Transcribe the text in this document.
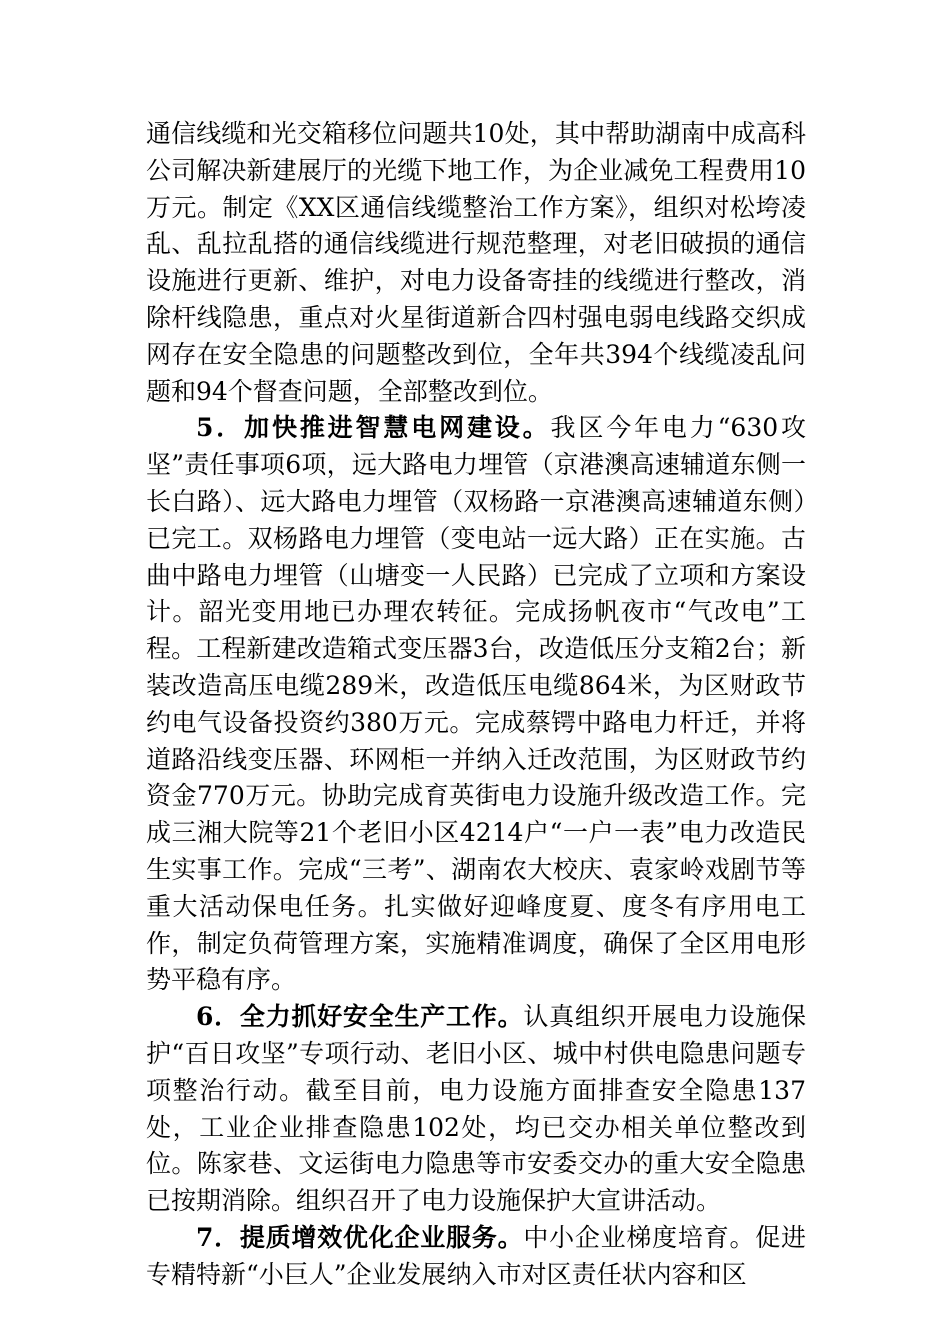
通信线缆和光交箱移位问题共10处，其中帮助湖南中成高科公司解决新建展厅的光缆下地工作，为企业减免工程费用10万元。制定《XX区通信线缆整治工作方案》，组织对松垮凌乱、乱拉乱搭的通信线缆进行规范整理，对老旧破损的通信设施进行更新、维护，对电力设备寄挂的线缆进行整改，消除杆线隐患，重点对火星街道新合四村强电弱电线路交织成网存在安全隐患的问题整改到位，全年共394个线缆凌乱问题和94个督查问题，全部整改到位。

5．加快推进智慧电网建设。我区今年电力“630攻坚”责任事项6项，远大路电力埋管（京港澳高速辅道东侧一长白路）、远大路电力埋管（双杨路一京港澳高速辅道东侧）已完工。双杨路电力埋管（变电站一远大路）正在实施。古曲中路电力埋管（山塘变一人民路）已完成了立项和方案设计。韶光变用地已办理农转征。完成扬帆夜市“气改电”工程。工程新建改造箱式变压器3台，改造低压分支箱2台；新装改造高压电缆289米，改造低压电缆864米，为区财政节约电气设备投资约380万元。完成蔡锷中路电力杆迁，并将道路沿线变压器、环网柜一并纳入迁改范围，为区财政节约资金770万元。协助完成育英街电力设施升级改造工作。完成三湘大院等21个老旧小区4214户“一户一表”电力改造民生实事工作。完成“三考”、湖南农大校庆、袁家岭戏剧节等重大活动保电任务。扎实做好迎峰度夏、度冬有序用电工作，制定负荷管理方案，实施精准调度，确保了全区用电形势平稳有序。

6．全力抓好安全生产工作。认真组织开展电力设施保护“百日攻坚”专项行动、老旧小区、城中村供电隐患问题专项整治行动。截至目前，电力设施方面排查安全隐患137处，工业企业排查隐患102处，均已交办相关单位整改到位。陈家巷、文运街电力隐患等市安委交办的重大安全隐患已按期消除。组织召开了电力设施保护大宣讲活动。

7．提质增效优化企业服务。中小企业梯度培育。促进专精特新“小巨人”企业发展纳入市对区责任状内容和区
